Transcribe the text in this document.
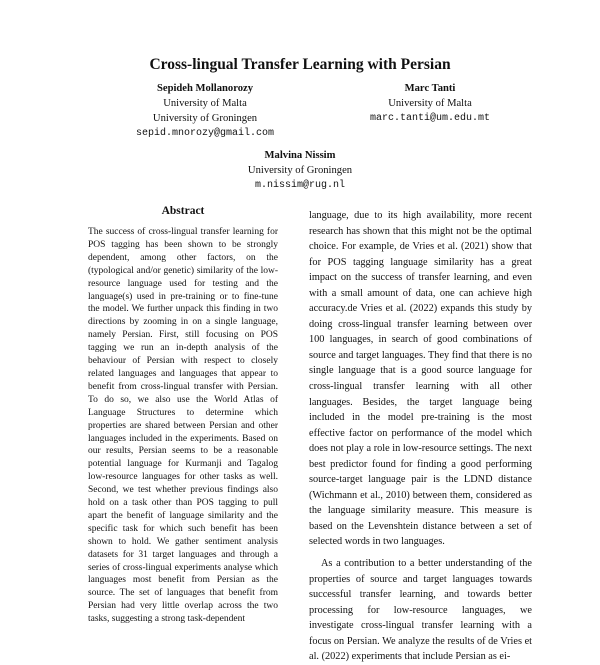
Cross-lingual Transfer Learning with Persian
Sepideh Mollanorozy
University of Malta
University of Groningen
sepid.mnorozy@gmail.com
Marc Tanti
University of Malta
marc.tanti@um.edu.mt
Malvina Nissim
University of Groningen
m.nissim@rug.nl
Abstract

The success of cross-lingual transfer learning for POS tagging has been shown to be strongly dependent, among other factors, on the (typological and/or genetic) similarity of the low-resource language used for testing and the language(s) used in pre-training or to fine-tune the model. We further unpack this finding in two directions by zooming in on a single language, namely Persian. First, still focusing on POS tagging we run an in-depth analysis of the behaviour of Persian with respect to closely related languages and languages that appear to benefit from cross-lingual transfer with Persian. To do so, we also use the World Atlas of Language Structures to determine which properties are shared between Persian and other languages included in the experiments. Based on our results, Persian seems to be a reasonable potential language for Kurmanji and Tagalog low-resource languages for other tasks as well. Second, we test whether previous findings also hold on a task other than POS tagging to pull apart the benefit of language similarity and the specific task for which such benefit has been shown to hold. We gather sentiment analysis datasets for 31 target languages and through a series of cross-lingual experiments analyse which languages most benefit from Persian as the source. The set of languages that benefit from Persian had very little overlap across the two tasks, suggesting a strong task-dependent

language, due to its high availability, more recent research has shown that this might not be the optimal choice. For example, de Vries et al. (2021) show that for POS tagging language similarity has a great impact on the success of transfer learning, and even with a small amount of data, one can achieve high accuracy.de Vries et al. (2022) expands this study by doing cross-lingual transfer learning between over 100 languages, in search of good combinations of source and target languages. They find that there is no single language that is a good source language for cross-lingual transfer learning with all other languages. Besides, the target language being included in the model pre-training is the most effective factor on performance of the model which does not play a role in low-resource settings. The next best predictor found for finding a good performing source-target language pair is the LDND distance (Wichmann et al., 2010) between them, considered as the language similarity measure. This measure is based on the Levenshtein distance between a set of selected words in two languages.

As a contribution to a better understanding of the properties of source and target languages towards successful transfer learning, and towards better processing for low-resource languages, we investigate cross-lingual transfer learning with a focus on Persian. We analyze the results of de Vries et al. (2022) experiments that include Persian as ei-
